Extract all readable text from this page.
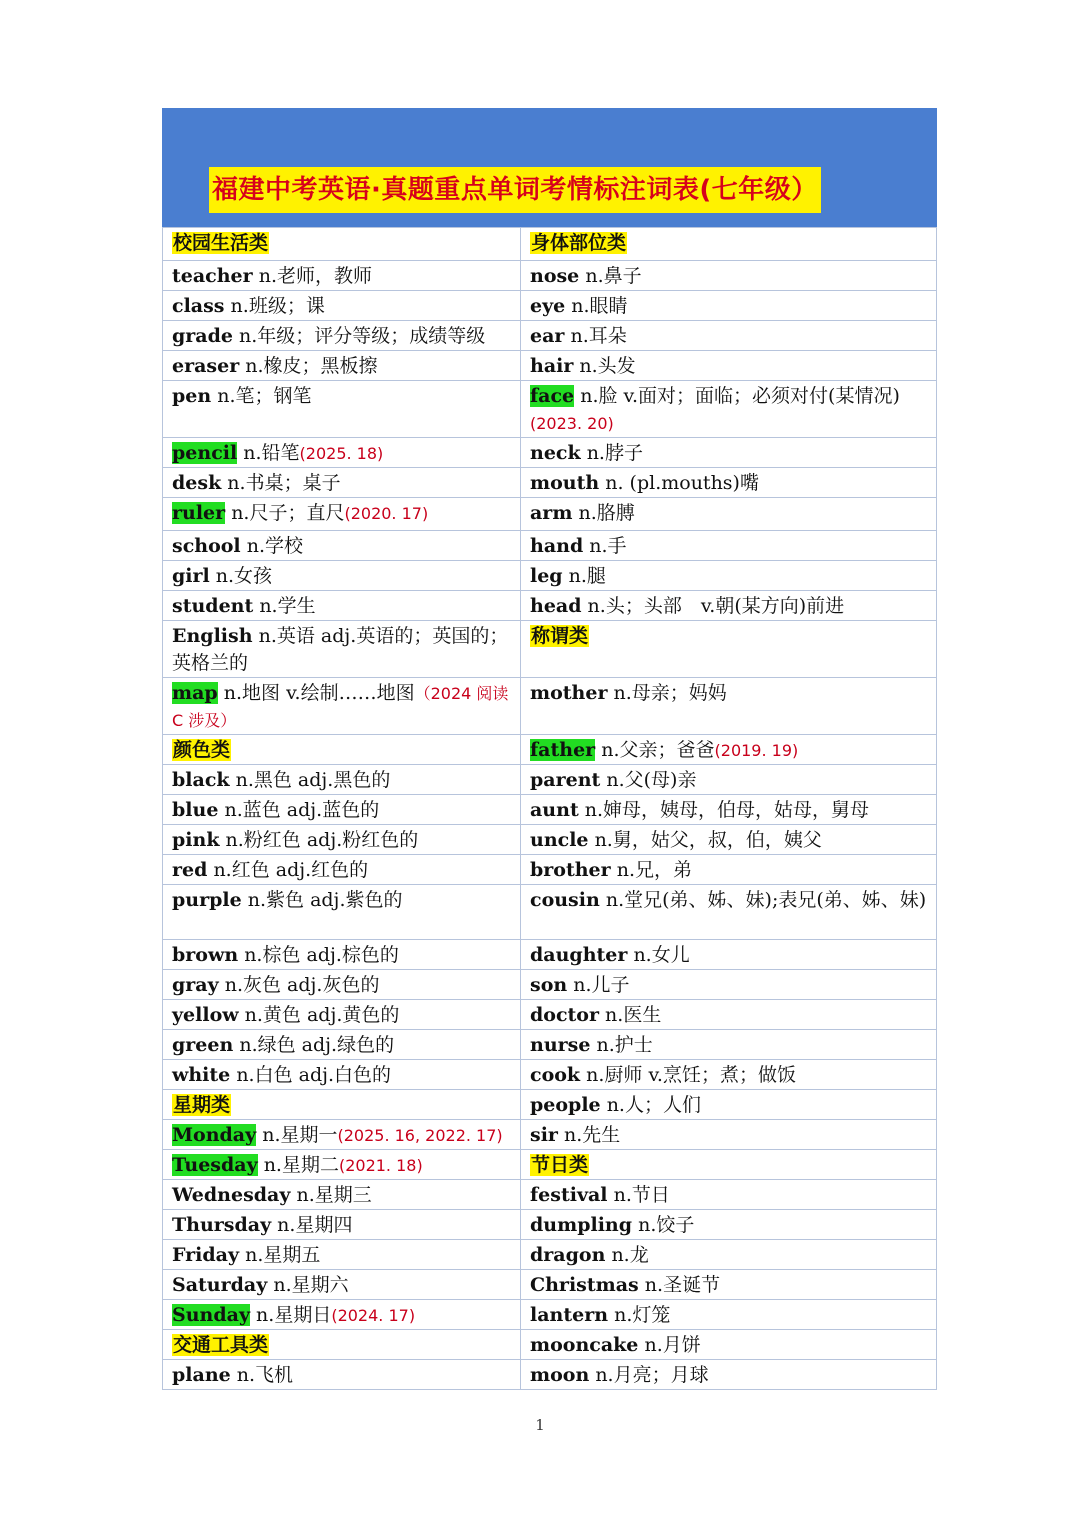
福建中考英语·真题重点单词考情标注词表(七年级）
校园生活类	身体部位类
teacher n.老师，教师	nose n.鼻子
class n.班级；课	eye n.眼睛
grade n.年级；评分等级；成绩等级	ear n.耳朵
eraser n.橡皮；黑板擦	hair n.头发
pen n.笔；钢笔	face n.脸 v.面对；面临；必须对付(某情况)(2023. 20)
pencil n.铅笔(2025. 18)	neck n.脖子
desk n.书桌；桌子	mouth n. (pl.mouths)嘴
ruler n.尺子；直尺(2020. 17)	arm n.胳膊
school n.学校	hand n.手
girl n.女孩	leg n.腿
student n.学生	head n.头；头部　v.朝(某方向)前进
English n.英语 adj.英语的；英国的；英格兰的	称谓类
map n.地图 v.绘制……地图（2024 阅读 C 涉及）	mother n.母亲；妈妈
颜色类	father n.父亲；爸爸(2019. 19)
black n.黑色 adj.黑色的	parent n.父(母)亲
blue n.蓝色 adj.蓝色的	aunt n.婶母，姨母，伯母，姑母，舅母
pink n.粉红色 adj.粉红色的	uncle n.舅，姑父，叔，伯，姨父
red n.红色 adj.红色的	brother n.兄，弟
purple n.紫色 adj.紫色的	cousin n.堂兄(弟、姊、妹);表兄(弟、姊、妹)
brown n.棕色 adj.棕色的	daughter n.女儿
gray n.灰色 adj.灰色的	son n.儿子
yellow n.黄色 adj.黄色的	doctor n.医生
green n.绿色 adj.绿色的	nurse n.护士
white n.白色 adj.白色的	cook n.厨师 v.烹饪；煮；做饭
星期类	people n.人；人们
Monday n.星期一(2025. 16, 2022. 17)	sir n.先生
Tuesday n.星期二(2021. 18)	节日类
Wednesday n.星期三	festival n.节日
Thursday n.星期四	dumpling n.饺子
Friday n.星期五	dragon n.龙
Saturday n.星期六	Christmas n.圣诞节
Sunday n.星期日(2024. 17)	lantern n.灯笼
交通工具类	mooncake n.月饼
plane n.飞机	moon n.月亮；月球
1
